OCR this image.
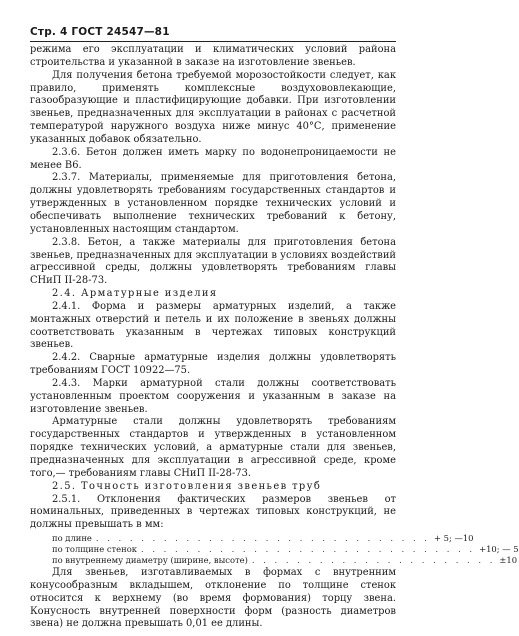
Стр. 4 ГОСТ 24547—81

режима его эксплуатации и климатических условий района строительства и указанной в заказе на изготовление звеньев.

Для получения бетона требуемой морозостойкости следует, как правило, применять комплексные воздухововлекающие, газообразующие и пластифицирующие добавки. При изготовлении звеньев, предназначенных для эксплуатации в районах с расчетной температурой наружного воздуха ниже минус 40°С, применение указанных добавок обязательно.

2.3.6. Бетон должен иметь марку по водонепроницаемости не менее В6.

2.3.7. Материалы, применяемые для приготовления бетона, должны удовлетворять требованиям государственных стандартов и утвержденных в установленном порядке технических условий и обеспечивать выполнение технических требований к бетону, установленных настоящим стандартом.

2.3.8. Бетон, а также материалы для приготовления бетона звеньев, предназначенных для эксплуатации в условиях воздействий агрессивной среды, должны удовлетворять требованиям главы СНиП II-28-73.

2.4. Арматурные изделия

2.4.1. Форма и размеры арматурных изделий, а также монтажных отверстий и петель и их положение в звеньях должны соответствовать указанным в чертежах типовых конструкций звеньев.

2.4.2. Сварные арматурные изделия должны удовлетворять требованиям ГОСТ 10922—75.

2.4.3. Марки арматурной стали должны соответствовать установленным проектом сооружения и указанным в заказе на изготовление звеньев.

Арматурные стали должны удовлетворять требованиям государственных стандартов и утвержденных в установленном порядке технических условий, а арматурные стали для звеньев, предназначенных для эксплуатации в агрессивной среде, кроме того,— требованиям главы СНиП II-28-73.

2.5. Точность изготовления звеньев труб

2.5.1. Отклонения фактических размеров звеньев от номинальных, приведенных в чертежах типовых конструкций, не должны превышать в мм:

по длине . . . . . . . . . . . . . . . . . . . . . . . . . . . . . . + 5; —10
по толщине стенок . . . . . . . . . . . . . . . . . . . . . . . . . . . . . . +10; — 5
по внутреннему диаметру (ширине, высоте) . . . . . . . . . . . . . . . . . . . . . . ±10

Для звеньев, изготавливаемых в формах с внутренним конусообразным вкладышем, отклонение по толщине стенок относится к верхнему (во время формования) торцу звена. Конусность внутренней поверхности форм (разность диаметров звена) не должна превышать 0,01 ее длины.
